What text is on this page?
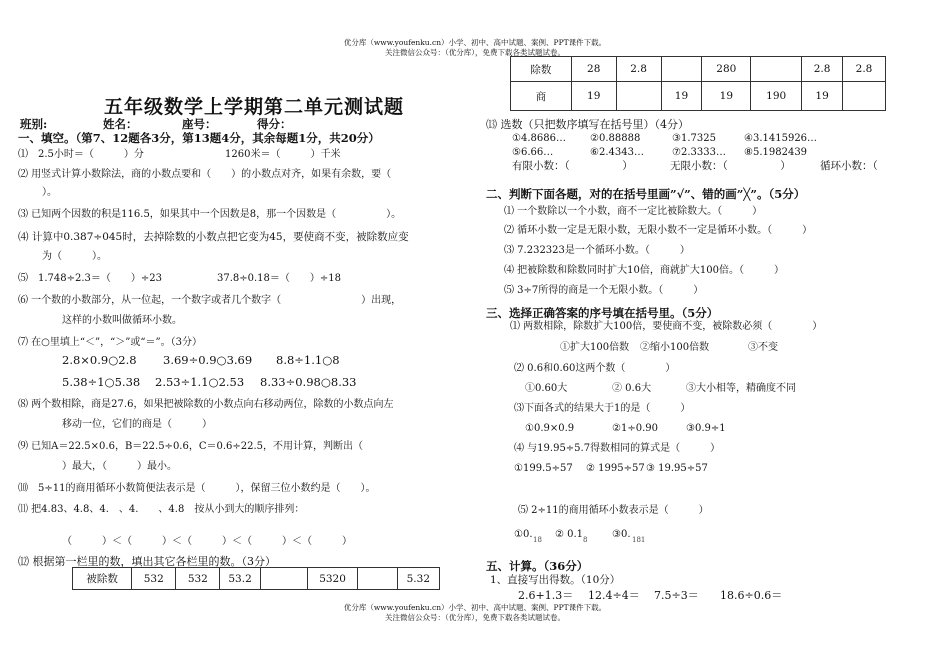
优分库（www.youfenku.cn）小学、初中、高中试题、案例、PPT课件下载。
关注微信公众号：（优分库），免费下载各类试题试卷。
五年级数学上学期第二单元测试题
班别:	姓名：	座号：	得分：
一、填空。（第7、12题各3分，第13题4分，其余每题1分，共20分）
⑴　2.5小时＝（　　　）分	1260米＝（　　　）千米
⑵ 用竖式计算小数除法，商的小数点要和（　　）的小数点对齐，如果有余数，要（
）。
⑶ 已知两个因数的积是116.5，如果其中一个因数是8，那一个因数是（　　　　　）。
⑷ 计算中0.387÷045时，去掉除数的小数点把它变为45，要使商不变，被除数应变
为（　　　）。
⑸　1.748÷2.3＝（　　）÷23	37.8÷0.18＝（　　）÷18
⑹ 一个数的小数部分，从一位起，一个数字或者几个数字（　　　　　　　　）出现，
这样的小数叫做循环小数。
⑺ 在○里填上“＜”，“＞”或“＝”。（3分）
2.8×0.9○2.8 3.69÷0.9○3.69 8.8÷1.1○8
5.38÷1○5.38 2.53÷1.1○2.53 8.33÷0.98○8.33
⑻ 两个数相除，商是27.6，如果把被除数的小数点向右移动两位，除数的小数点向左
移动一位，它们的商是（　　　）
⑼ 已知A＝22.5×0.6，B＝22.5÷0.6，C＝0.6÷22.5，不用计算，判断出（
）最大，（　　　）最小。
⑽　5÷11的商用循环小数简便法表示是（　　　），保留三位小数约是（　　）。
⑾ 把4.83、4.8、4.　、4.　　、4.8　按从小到大的顺序排列：
（　　　）＜（　　　）＜（　　　）＜（　　　）＜（　　　）
⑿ 根据第一栏里的数，填出其它各栏里的数。（3分）
被除数	532	532	53.2		5320		5.32
除数	28	2.8		280		2.8	2.8
商	19		19	19	190	19	
⒀ 选数（只把数序填写在括号里）（4分）
①4.8686… ②0.88888	③1.7325	④3.1415926…
⑤6.66…	⑥2.4343…	⑦2.3333… ⑧5.1982439
有限小数：（　　　　　）	无限小数：（　　　　　）	循环小数：（
二、判断下面各题，对的在括号里画”√”、错的画”╳”。（5分）
⑴ 一个数除以一个小数，商不一定比被除数大。（　　　）
⑵ 循环小数一定是无限小数，无限小数不一定是循环小数。（　　　）
⑶ 7.232323是一个循环小数。（　　　）
⑷ 把被除数和除数同时扩大10倍，商就扩大100倍。（　　　）
⑸ 3÷7所得的商是一个无限小数。（　　　）
三、选择正确答案的序号填在括号里。（5分）
⑴ 两数相除，除数扩大100倍，要使商不变，被除数必须（　　　　）
①扩大100倍数 ②缩小100倍数	③不变
⑵ 0.6和0.60这两个数（　　　　）
①0.60大	② 0.6大	③大小相等，精确度不同
⑶下面各式的结果大于1的是（　　　）
①0.9×0.9	②1÷0.90	③0.9÷1
⑷ 与19.95÷5.7得数相同的算式是（　　　）
①199.5÷57 ② 1995÷57 ③ 19.95÷57
⑸ 2÷11的商用循环小数表示是（　　　）
①0. 18 ② 0.1 8 ③0. 181
五、计算。（36分）
1、直接写出得数。（10分）
2.6+1.3＝ 12.4÷4＝ 7.5÷3＝ 18.6÷0.6＝
优分库（www.youfenku.cn）小学、初中、高中试题、案例、PPT课件下载。
关注微信公众号：（优分库），免费下载各类试题试卷。
